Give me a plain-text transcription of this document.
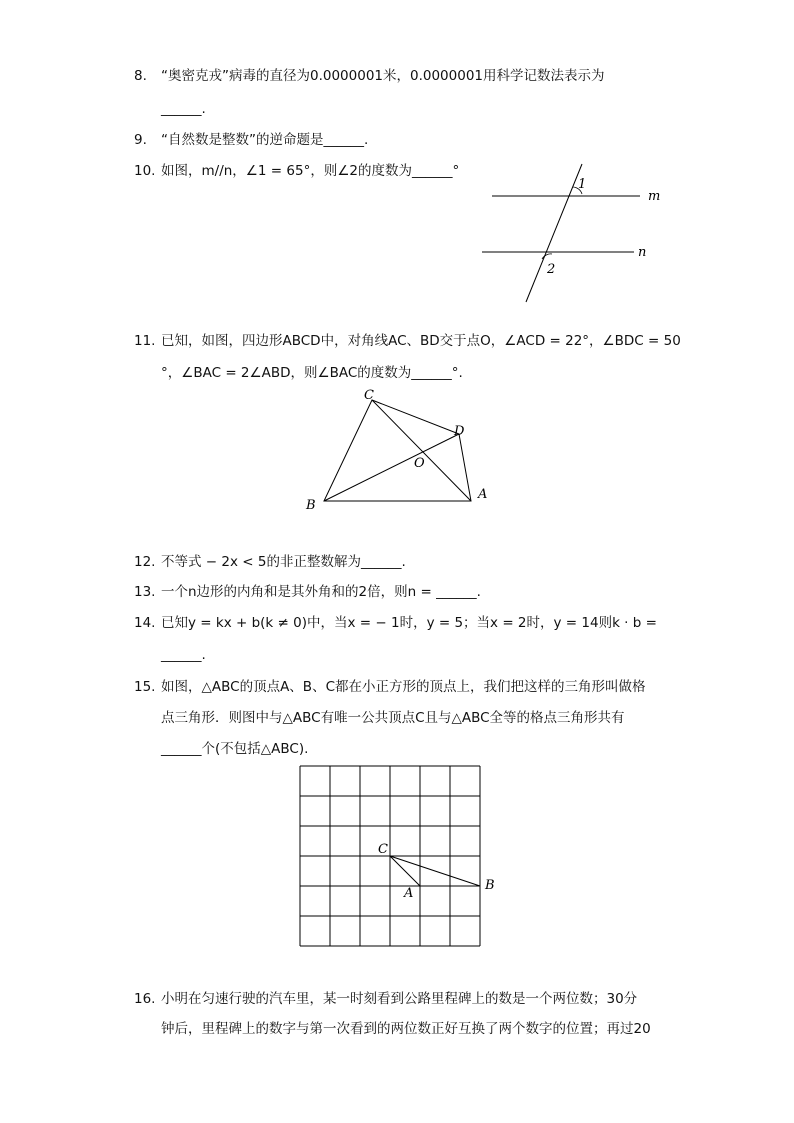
8. “奥密克戎”病毒的直径为0.0000001米，0.0000001用科学记数法表示为
______.
9. “自然数是整数”的逆命题是______.
10. 如图，m//n，∠1 = 65°，则∠2的度数为______°
1
2
m
n
11. 已知，如图，四边形ABCD中，对角线AC、BD交于点O，∠ACD = 22°，∠BDC = 50
°，∠BAC = 2∠ABD，则∠BAC的度数为______°.
C
D
A
B
O
12. 不等式 − 2x < 5的非正整数解为______.
13. 一个n边形的内角和是其外角和的2倍，则n = ______.
14. 已知y = kx + b(k ≠ 0)中，当x = − 1时，y = 5；当x = 2时，y = 14则k · b =
______.
15. 如图，△ABC的顶点A、B、C都在小正方形的顶点上，我们把这样的三角形叫做格
点三角形．则图中与△ABC有唯一公共顶点C且与△ABC全等的格点三角形共有
______个(不包括△ABC).
C
A
B
16. 小明在匀速行驶的汽车里，某一时刻看到公路里程碑上的数是一个两位数；30分
钟后，里程碑上的数字与第一次看到的两位数正好互换了两个数字的位置；再过20
